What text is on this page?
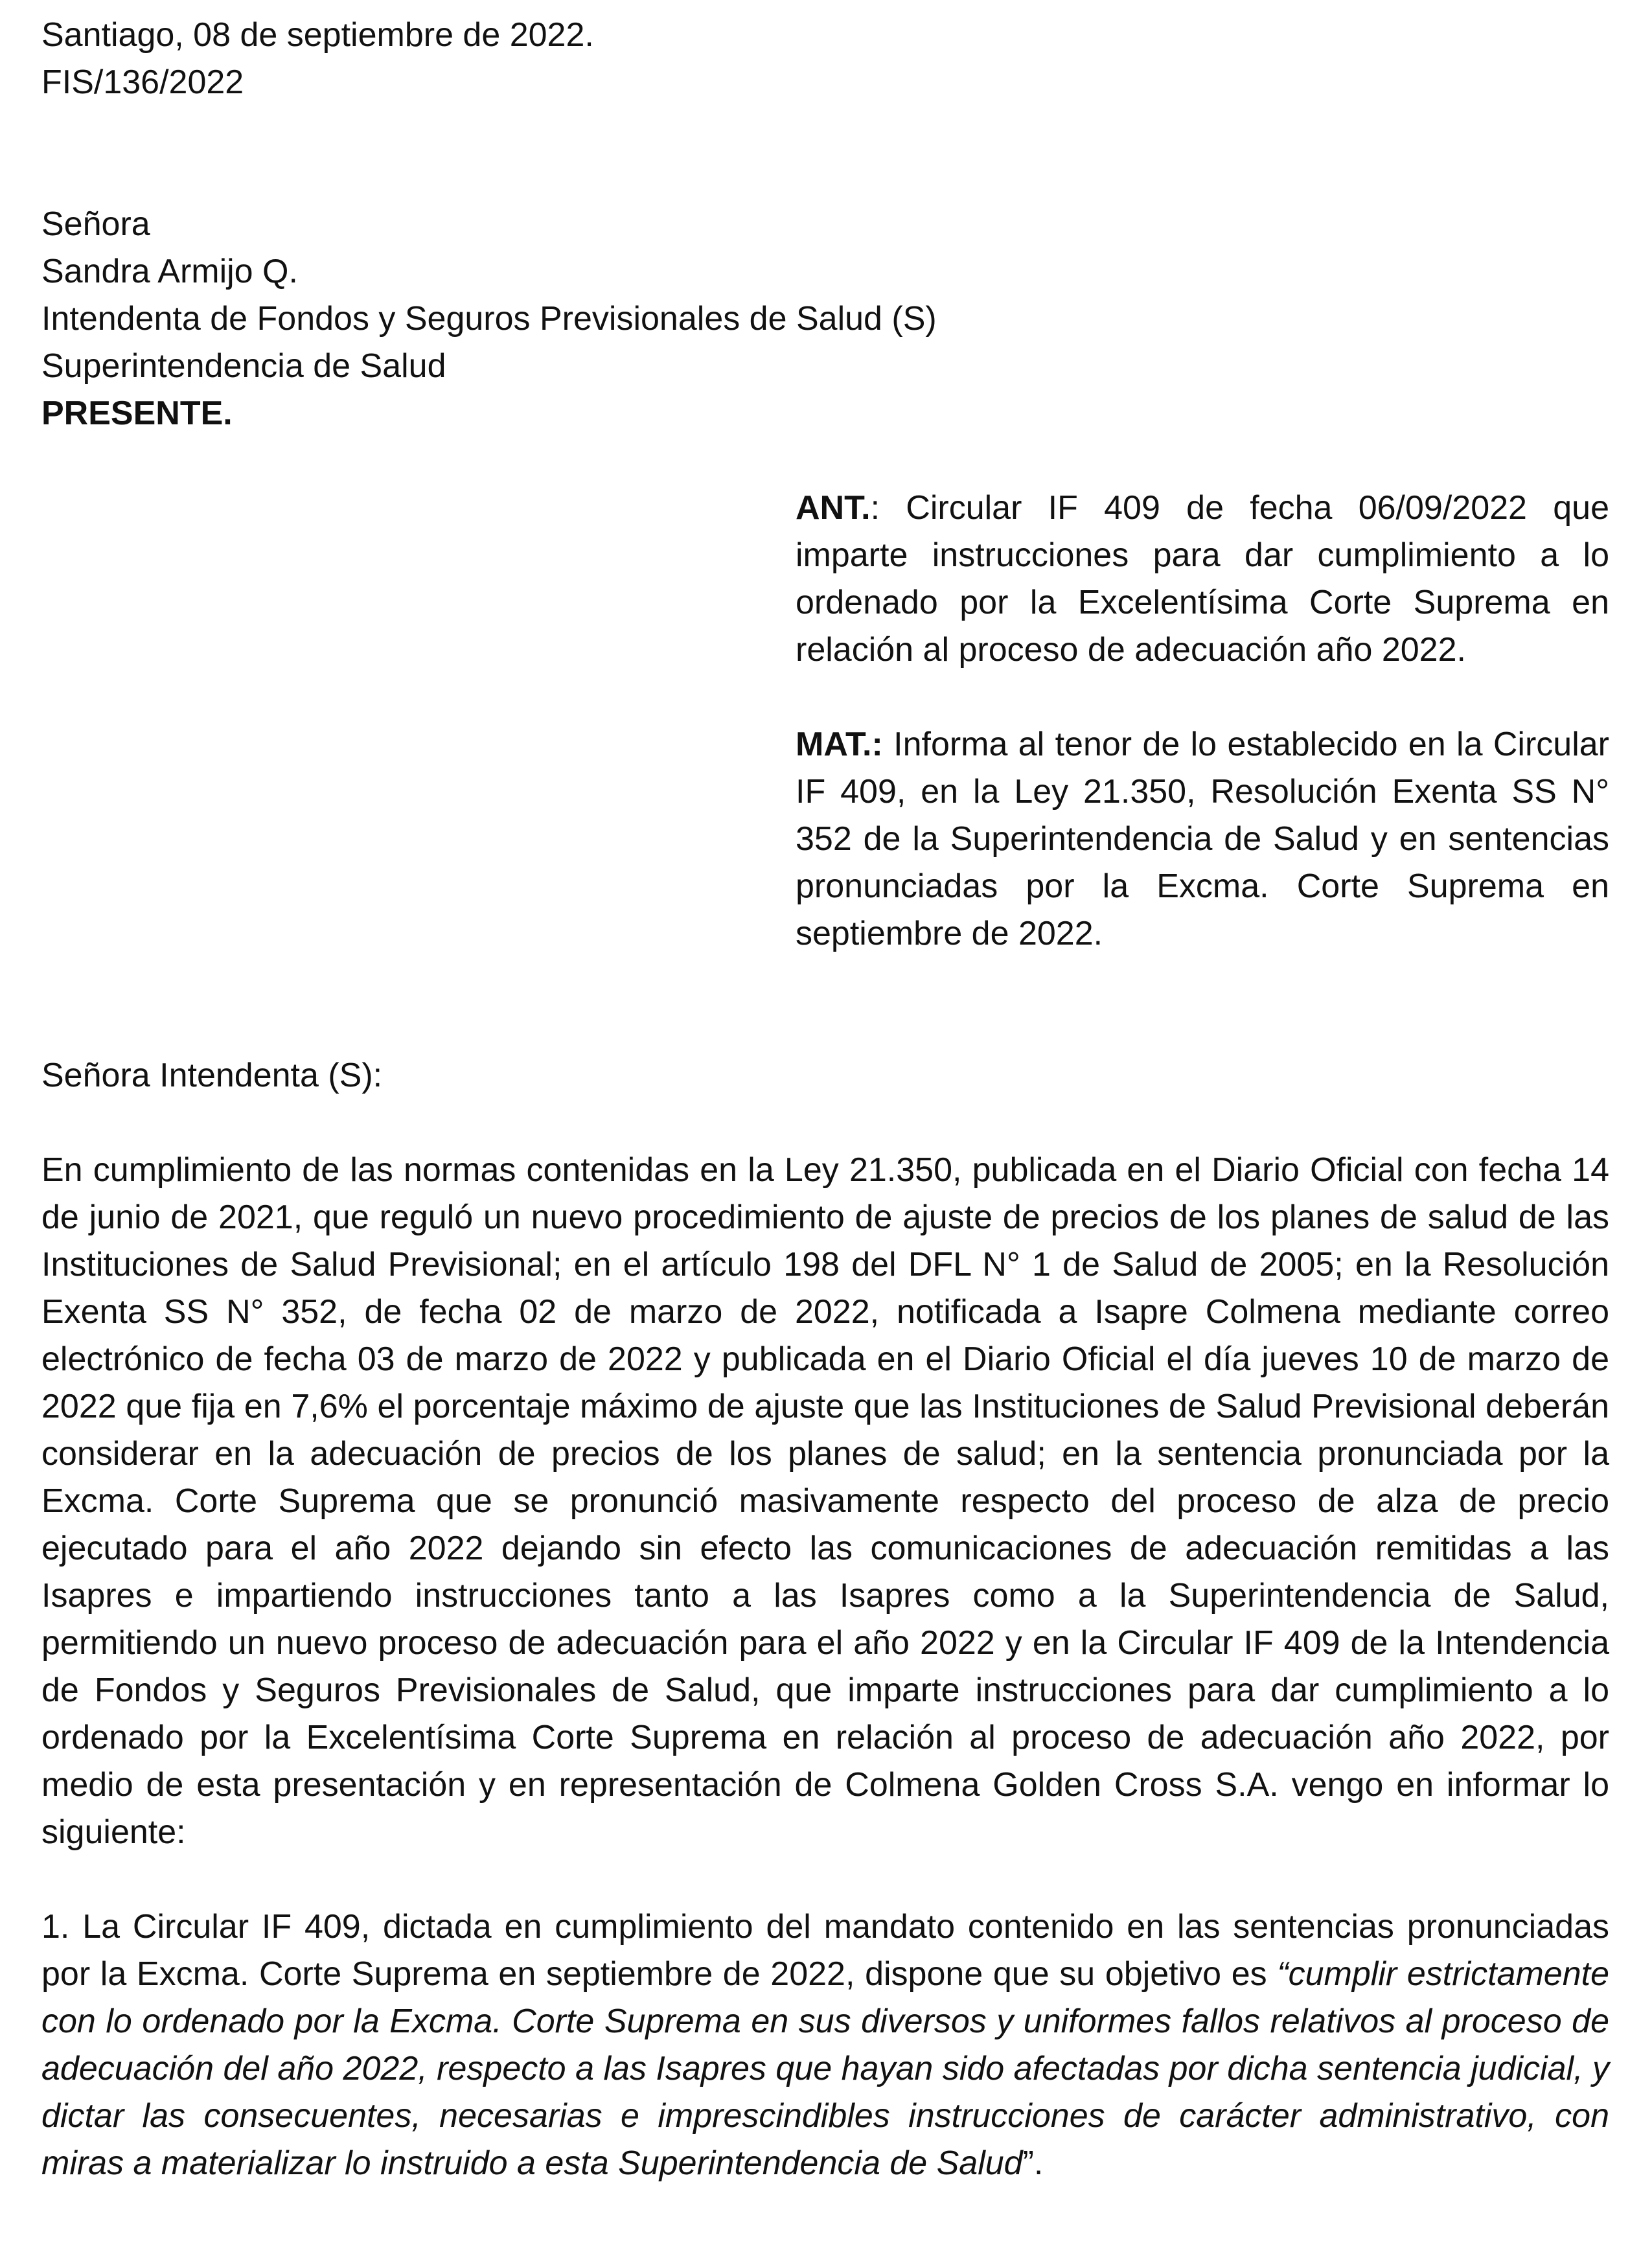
Santiago, 08 de septiembre de 2022.
FIS/136/2022
Señora
Sandra Armijo Q.
Intendenta de Fondos y Seguros Previsionales de Salud (S)
Superintendencia de Salud
PRESENTE.

ANT.: Circular IF 409 de fecha 06/09/2022 que imparte instrucciones para dar cumplimiento a lo ordenado por la Excelentísima Corte Suprema en relación al proceso de adecuación año 2022.

MAT.: Informa al tenor de lo establecido en la Circular IF 409, en la Ley 21.350, Resolución Exenta SS N° 352 de la Superintendencia de Salud y en sentencias pronunciadas por la Excma. Corte Suprema en septiembre de 2022.

Señora Intendenta (S):

En cumplimiento de las normas contenidas en la Ley 21.350, publicada en el Diario Oficial con fecha 14 de junio de 2021, que reguló un nuevo procedimiento de ajuste de precios de los planes de salud de las Instituciones de Salud Previsional; en el artículo 198 del DFL N° 1 de Salud de 2005; en la Resolución Exenta SS N° 352, de fecha 02 de marzo de 2022, notificada a Isapre Colmena mediante correo electrónico de fecha 03 de marzo de 2022 y publicada en el Diario Oficial el día jueves 10 de marzo de 2022 que fija en 7,6% el porcentaje máximo de ajuste que las Instituciones de Salud Previsional deberán considerar en la adecuación de precios de los planes de salud; en la sentencia pronunciada por la Excma. Corte Suprema que se pronunció masivamente respecto del proceso de alza de precio ejecutado para el año 2022 dejando sin efecto las comunicaciones de adecuación remitidas a las Isapres e impartiendo instrucciones tanto a las Isapres como a la Superintendencia de Salud, permitiendo un nuevo proceso de adecuación para el año 2022 y en la Circular IF 409 de la Intendencia de Fondos y Seguros Previsionales de Salud, que imparte instrucciones para dar cumplimiento a lo ordenado por la Excelentísima Corte Suprema en relación al proceso de adecuación año 2022, por medio de esta presentación y en representación de Colmena Golden Cross S.A. vengo en informar lo siguiente:

1. La Circular IF 409, dictada en cumplimiento del mandato contenido en las sentencias pronunciadas por la Excma. Corte Suprema en septiembre de 2022, dispone que su objetivo es “cumplir estrictamente con lo ordenado por la Excma. Corte Suprema en sus diversos y uniformes fallos relativos al proceso de adecuación del año 2022, respecto a las Isapres que hayan sido afectadas por dicha sentencia judicial, y dictar las consecuentes, necesarias e imprescindibles instrucciones de carácter administrativo, con miras a materializar lo instruido a esta Superintendencia de Salud”.
